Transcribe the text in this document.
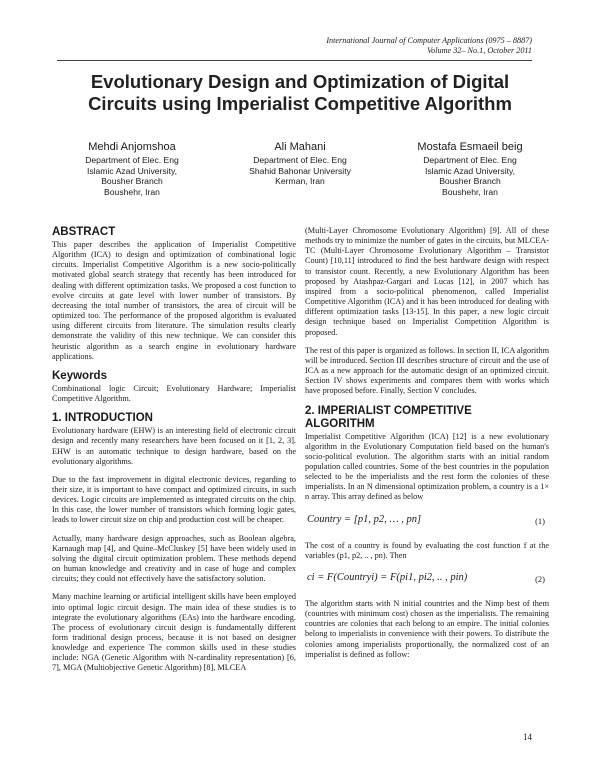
International Journal of Computer Applications (0975 – 8887)
Volume 32– No.1, October 2011
Evolutionary Design and Optimization of Digital
Circuits using Imperialist Competitive Algorithm
Mehdi Anjomshoa
Department of Elec. Eng
Islamic Azad University,
Bousher Branch
Boushehr, Iran
Ali Mahani
Department of Elec. Eng
Shahid Bahonar University
Kerman, Iran
Mostafa Esmaeil beig
Department of Elec. Eng
Islamic Azad University,
Bousher Branch
Boushehr, Iran
ABSTRACT

This paper describes the application of Imperialist Competitive Algorithm (ICA) to design and optimization of combinational logic circuits. Imperialist Competitive Algorithm is a new socio-politically motivated global search strategy that recently has been introduced for dealing with different optimization tasks. We proposed a cost function to evolve circuits at gate level with lower number of transistors. By decreasing the total number of transistors, the area of circuit will be optimized too. The performance of the proposed algorithm is evaluated using different circuits from literature. The simulation results clearly demonstrate the validity of this new technique. We can consider this heuristic algorithm as a search engine in evolutionary hardware applications.

Keywords

Combinational logic Circuit; Evolutionary Hardware; Imperialist Competitive Algorithm.

1. INTRODUCTION

Evolutionary hardware (EHW) is an interesting field of electronic circuit design and recently many researchers have been focused on it [1, 2, 3]. EHW is an automatic technique to design hardware, based on the evolutionary algorithms.

Due to the fast improvement in digital electronic devices, regarding to their size, it is important to have compact and optimized circuits, in such devices. Logic circuits are implemented as integrated circuits on the chip. In this case, the lower number of transistors which forming logic gates, leads to lower circuit size on chip and production cost will be cheaper.

Actually, many hardware design approaches, such as Boolean algebra, Karnaugh map [4], and Quine–McCluskey [5] have been widely used in solving the digital circuit optimization problem. These methods depend on human knowledge and creativity and in case of huge and complex circuits; they could not effectively have the satisfactory solution.

Many machine learning or artificial intelligent skills have been employed into optimal logic circuit design. The main idea of these studies is to integrate the evolutionary algorithms (EAs) into the hardware encoding. The process of evolutionary circuit design is fundamentally different form traditional design process, because it is not based on designer knowledge and experience The common skills used in these studies include: NGA (Genetic Algorithm with N-cardinality representation) [6, 7], MGA (Multiobjective Genetic Algorithm) [8], MLCEA

(Multi-Layer Chromosome Evolutionary Algorithm) [9]. All of these methods try to minimize the number of gates in the circuits, but MLCEA-TC (Multi-Layer Chromosome Evolutionary Algorithm – Transistor Count) [10,11] introduced to find the best hardware design with respect to transistor count. Recently, a new Evolutionary Algorithm has been proposed by Atashpaz-Gargari and Lucas [12], in 2007 which has inspired from a socio-political phenomenon, called Imperialist Competitive Algorithm (ICA) and it has been introduced for dealing with different optimization tasks [13-15]. In this paper, a new logic circuit design technique based on Imperialist Competition Algorithm is proposed.

The rest of this paper is organized as follows. In section II, ICA algorithm will be introduced. Section III describes structure of circuit and the use of ICA as a new approach for the automatic design of an optimized circuit. Section IV shows experiments and compares them with works which have proposed before. Finally, Section V concludes.

2. IMPERIALIST COMPETITIVE
ALGORITHM

Imperialist Competitive Algorithm (ICA) [12] is a new evolutionary algorithm in the Evolutionary Computation field based on the human's socio-political evolution. The algorithm starts with an initial random population called countries. Some of the best countries in the population selected to be the imperialists and the rest form the colonies of these imperialists. In an N dimensional optimization problem, a country is a 1× n array. This array defined as below

Country = [p1, p2, … , pn]	(1)

The cost of a country is found by evaluating the cost function f at the variables (p1, p2, .. , pn). Then

ci = F(Countryi) = F(pi1, pi2, .. , pin)	(2)

The algorithm starts with N initial countries and the Nimp best of them (countries with minimum cost) chosen as the imperialists. The remaining countries are colonies that each belong to an empire. The initial colonies belong to imperialists in convenience with their powers. To distribute the colonies among imperialists proportionally, the normalized cost of an imperialist is defined as follow:

14
